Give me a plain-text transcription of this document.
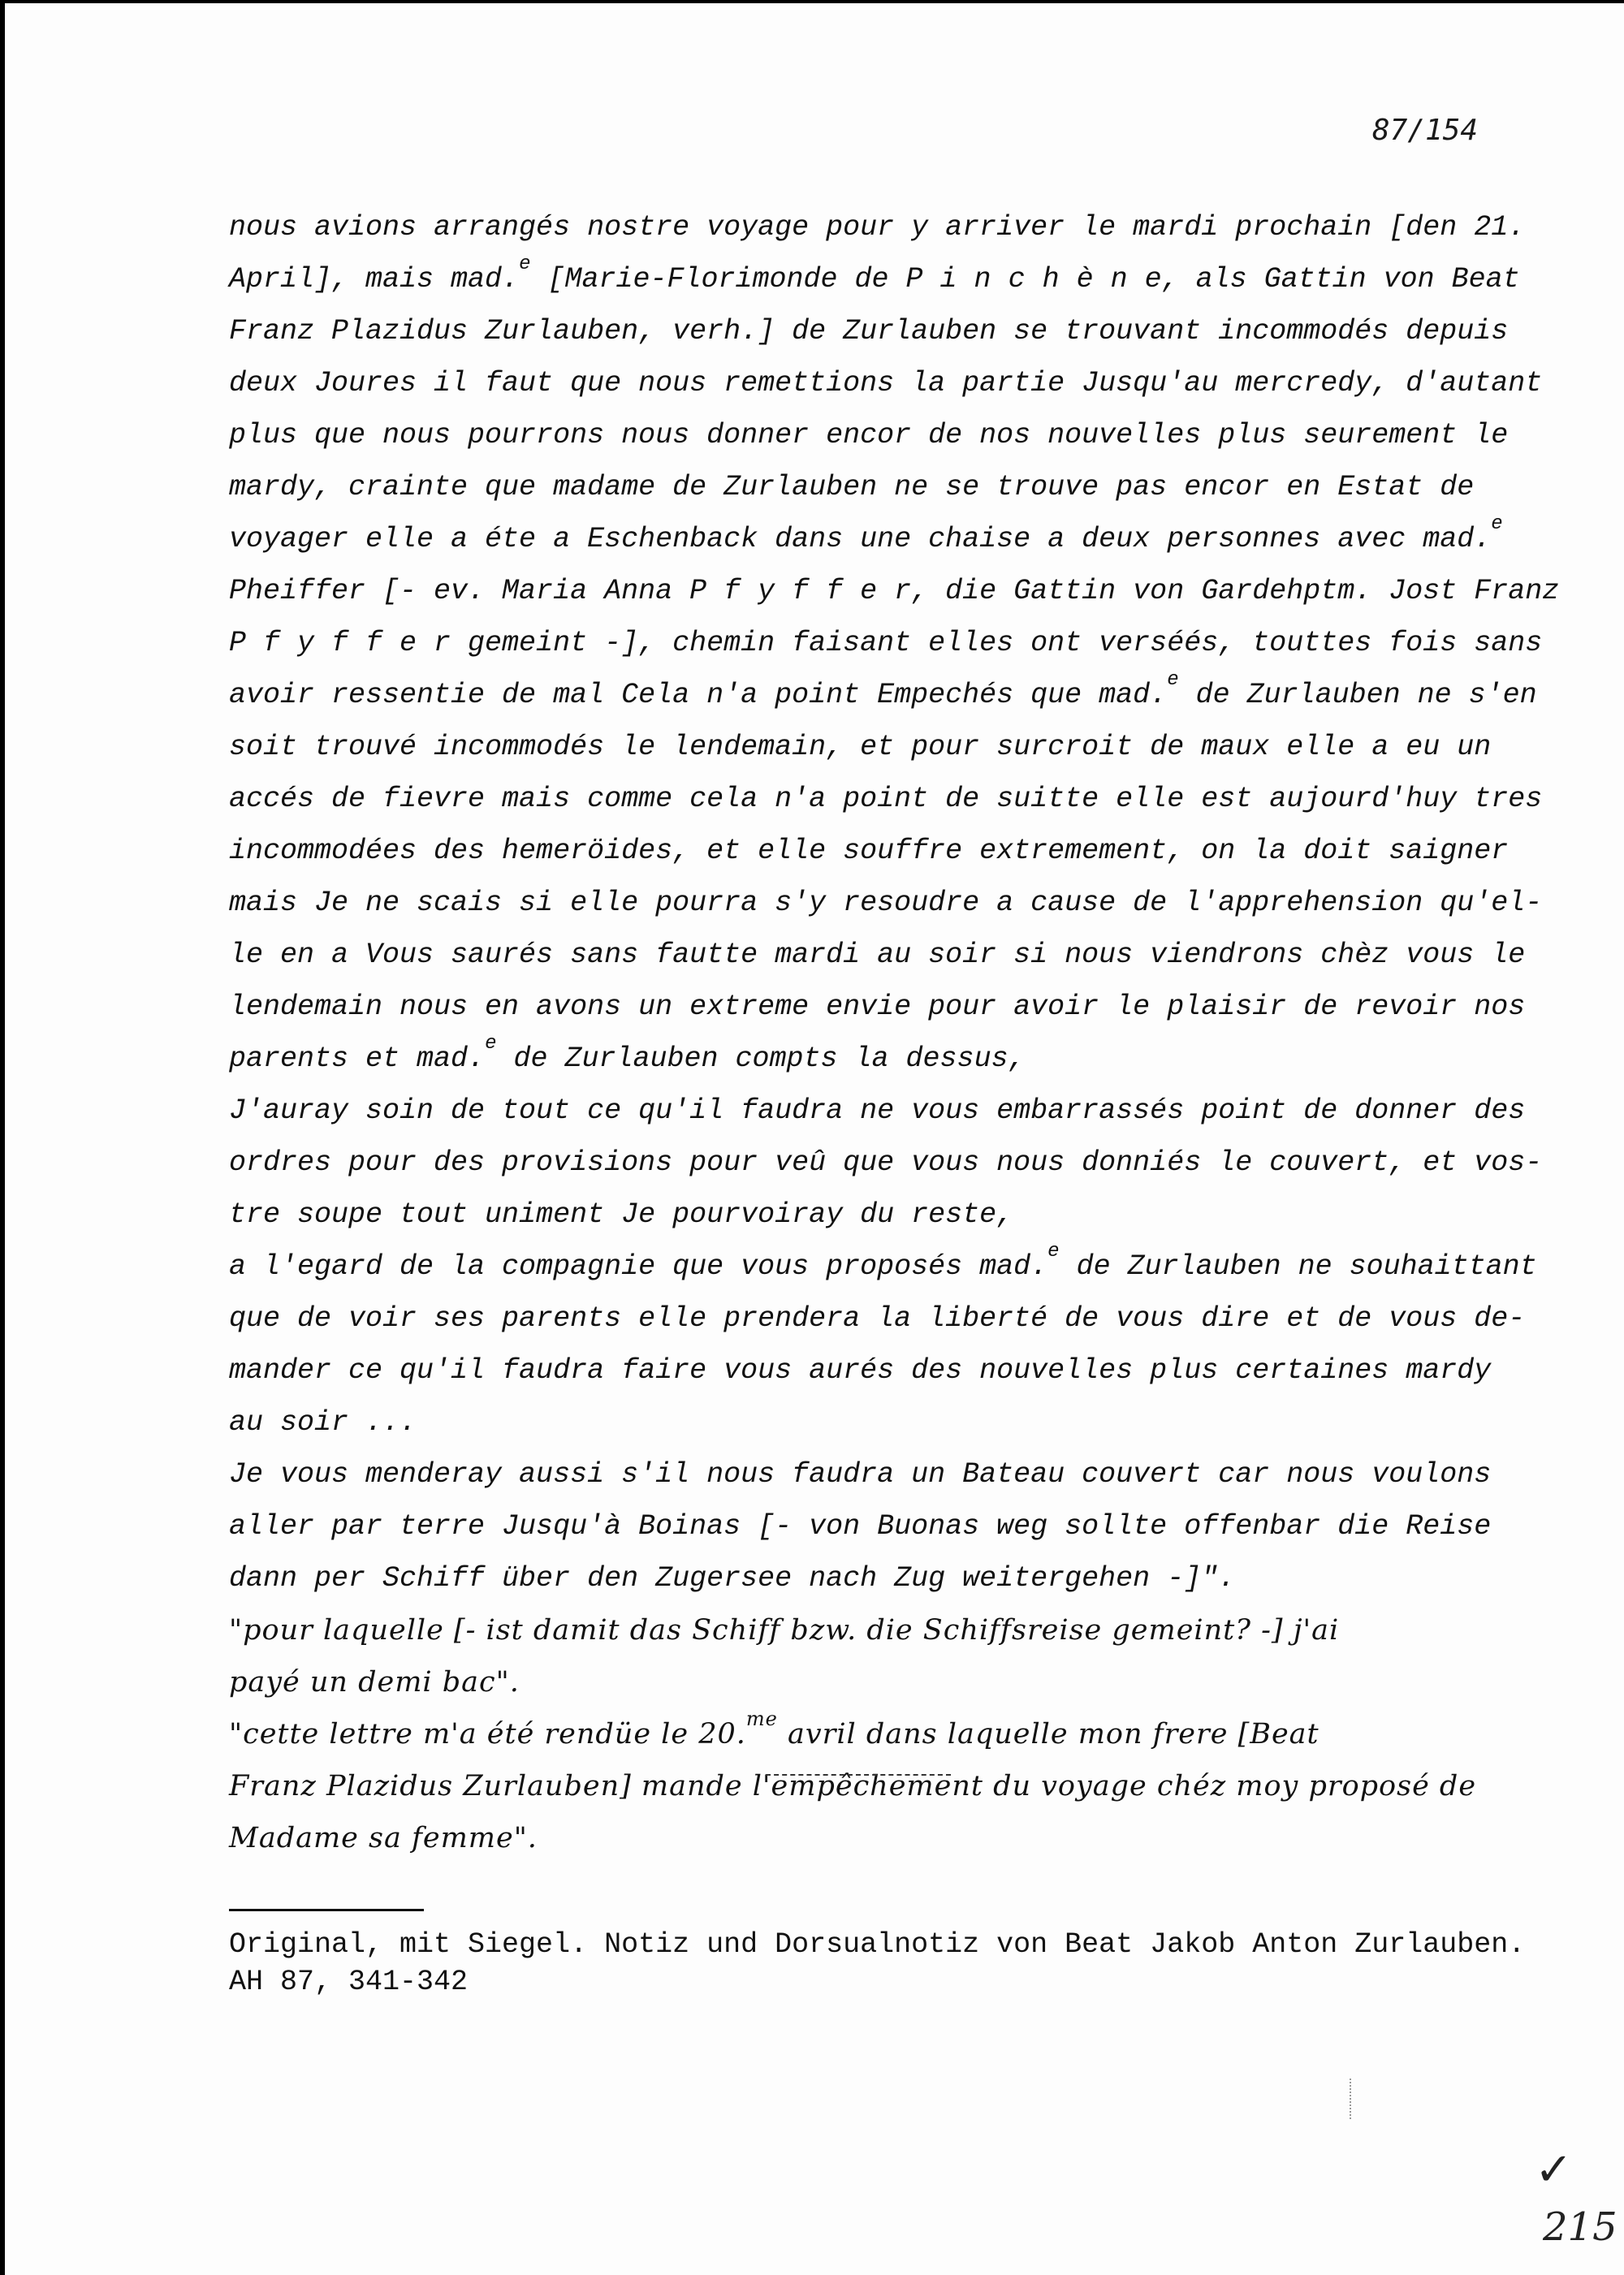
87/154
nous avions arrangés nostre voyage pour y arriver le mardi prochain [den 21.
April], mais mad.$^e$ [Marie-Florimonde de P i n c h è n e, als Gattin von Beat
Franz Plazidus Zurlauben, verh.] de Zurlauben se trouvant incommodés depuis
deux Joures il faut que nous remettions la partie Jusqu'au mercredy, d'autant
plus que nous pourrons nous donner encor de nos nouvelles plus seurement le
mardy, crainte que madame de Zurlauben ne se trouve pas encor en Estat de
voyager elle a éte a Eschenback dans une chaise a deux personnes avec mad.$^e$
Pheiffer [- ev. Maria Anna P f y f f e r, die Gattin von Gardehptm. Jost Franz
P f y f f e r gemeint -], chemin faisant elles ont verséés, touttes fois sans
avoir ressentie de mal Cela n'a point Empechés que mad.$^e$ de Zurlauben ne s'en
soit trouvé incommodés le lendemain, et pour surcroit de maux elle a eu un
accés de fievre mais comme cela n'a point de suitte elle est aujourd'huy tres
incommodées des hemeröides, et elle souffre extremement, on la doit saigner
mais Je ne scais si elle pourra s'y resoudre a cause de l'apprehension qu'el-
le en a Vous saurés sans fautte mardi au soir si nous viendrons chèz vous le
lendemain nous en avons un extreme envie pour avoir le plaisir de revoir nos
parents et mad.$^e$ de Zurlauben compts la dessus,
J'auray soin de tout ce qu'il faudra ne vous embarrassés point de donner des
ordres pour des provisions pour veû que vous nous donniés le couvert, et vos-
tre soupe tout uniment Je pourvoiray du reste,
a l'egard de la compagnie que vous proposés mad.$^e$ de Zurlauben ne souhaittant
que de voir ses parents elle prendera la liberté de vous dire et de vous de-
mander ce qu'il faudra faire vous aurés des nouvelles plus certaines mardy
au soir ...
Je vous menderay aussi s'il nous faudra un Bateau couvert car nous voulons
aller par terre Jusqu'à Boinas [- von Buonas weg sollte offenbar die Reise
dann per Schiff über den Zugersee nach Zug weitergehen -]".
"pour laquelle [- ist damit das Schiff bzw. die Schiffsreise gemeint? -] j'ai
payé un demi bac".
"cette lettre m'a été rendüe le 20.$^{me}$ avril dans laquelle mon frere [Beat
Franz Plazidus Zurlauben] mande l'empêchement du voyage chéz moy proposé de
Madame sa femme".
Original, mit Siegel. Notiz und Dorsualnotiz von Beat Jakob Anton Zurlauben.
AH 87, 341-342
✓
215
